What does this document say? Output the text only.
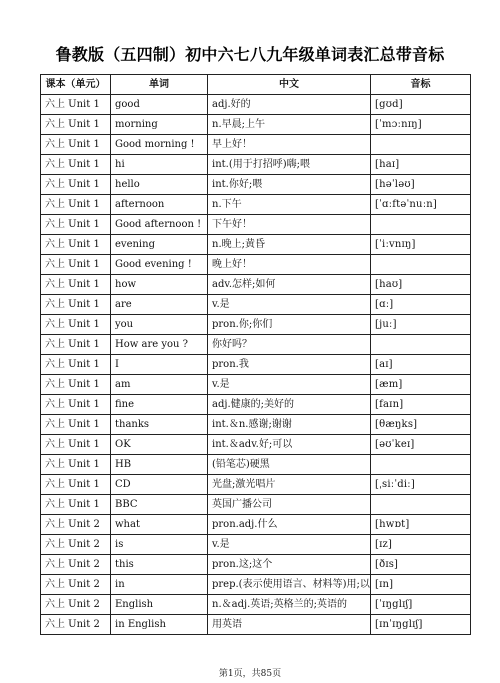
鲁教版（五四制）初中六七八九年级单词表汇总带音标
课本（单元）	单词	中文	音标
六上 Unit 1	good	adj.好的	[gʊd]
六上 Unit 1	morning	n.早晨;上午	[ˈmɔːnɪŋ]
六上 Unit 1	Good morning !	早上好！	
六上 Unit 1	hi	int.(用于打招呼)嗨;喂	[haɪ]
六上 Unit 1	hello	int.你好;喂	[həˈləʊ]
六上 Unit 1	afternoon	n.下午	[ˈɑːftəˈnuːn]
六上 Unit 1	Good afternoon !	下午好！	
六上 Unit 1	evening	n.晚上;黄昏	[ˈiːvnɪŋ]
六上 Unit 1	Good evening !	晚上好！	
六上 Unit 1	how	adv.怎样;如何	[haʊ]
六上 Unit 1	are	v.是	[ɑː]
六上 Unit 1	you	pron.你;你们	[juː]
六上 Unit 1	How are you ?	你好吗？	
六上 Unit 1	I	pron.我	[aɪ]
六上 Unit 1	am	v.是	[æm]
六上 Unit 1	fine	adj.健康的;美好的	[faɪn]
六上 Unit 1	thanks	int.＆n.感谢;谢谢	[θæŋks]
六上 Unit 1	OK	int.＆adv.好;可以	[əʊˈkeɪ]
六上 Unit 1	HB	(铅笔芯)硬黑	
六上 Unit 1	CD	光盘;激光唱片	[ˌsiːˈdiː]
六上 Unit 1	BBC	英国广播公司	
六上 Unit 2	what	pron.adj.什么	[hwɒt]
六上 Unit 2	is	v.是	[ɪz]
六上 Unit 2	this	pron.这;这个	[ðɪs]
六上 Unit 2	in	prep.(表示使用语言、材料等)用;以	[ɪn]
六上 Unit 2	English	n.＆adj.英语;英格兰的;英语的	[ˈɪŋglɪʃ]
六上 Unit 2	in English	用英语	[ɪnˈɪŋglɪʃ]
第1页，共85页
